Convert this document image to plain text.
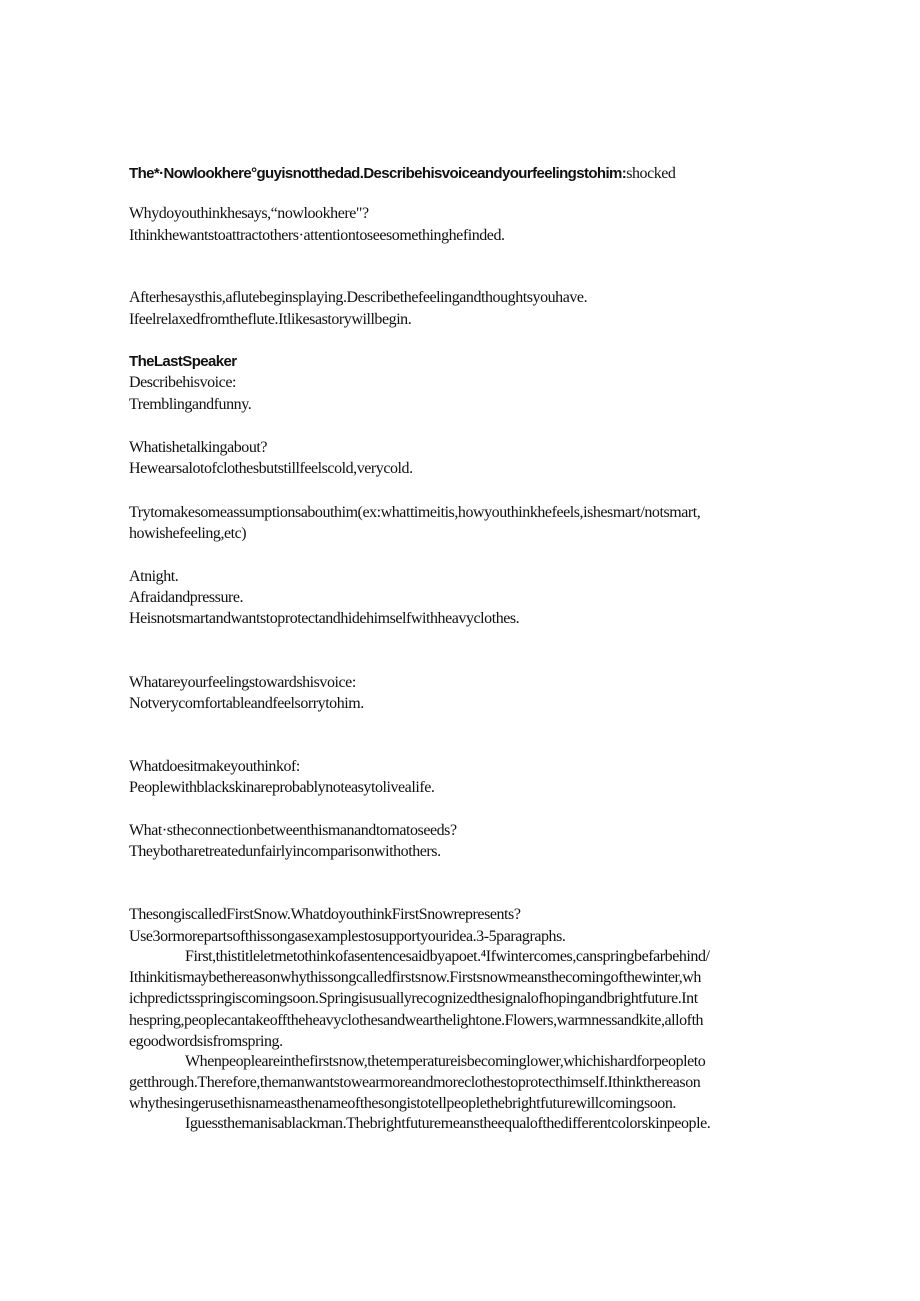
The*·Nowlookhere°guyisnotthedad.Describehisvoiceandyourfeelingstohim:shocked
Whydoyouthinkhesays,“nowlookhere"?
Ithinkhewantstoattractothers·attentiontoseesomethinghefinded.
Afterhesaysthis,aflutebeginsplaying.Describethefeelingandthoughtsyouhave.
Ifeelrelaxedfromtheflute.Itlikesastorywillbegin.
TheLastSpeaker
Describehisvoice:
Tremblingandfunny.
Whatishetalkingabout?
Hewearsalotofclothesbutstillfeelscold,verycold.
Trytomakesomeassumptionsabouthim(ex:whattimeitis,howyouthinkhefeels,ishesmart/notsmart,
howishefeeling,etc)
Atnight.
Afraidandpressure.
Heisnotsmartandwantstoprotectandhidehimselfwithheavyclothes.
Whatareyourfeelingstowardshisvoice:
Notverycomfortableandfeelsorrytohim.
Whatdoesitmakeyouthinkof:
Peoplewithblackskinareprobablynoteasytolivealife.
What·stheconnectionbetweenthismanandtomatoseeds?
Theybotharetreatedunfairlyincomparisonwithothers.
ThesongiscalledFirstSnow.WhatdoyouthinkFirstSnowrepresents?
Use3ormorepartsofthissongasexamplestosupportyouridea.3-5paragraphs.
First,thistitleletmetothinkofasentencesaidbyapoet.⁴Ifwintercomes,canspringbefarbehind/
Ithinkitismaybethereasonwhythissongcalledfirstsnow.Firstsnowmeansthecomingofthewinter,wh
ichpredictsspringiscomingsoon.Springisusuallyrecognizedthesignalofhopingandbrightfuture.Int
hespring,peoplecantakeofftheheavyclothesandwearthelightone.Flowers,warmnessandkite,allofth
egoodwordsisfromspring.
Whenpeopleareinthefirstsnow,thetemperatureisbecominglower,whichishardforpeopleto
getthrough.Therefore,themanwantstowearmoreandmoreclothestoprotecthimself.Ithinkthereason
whythesingerusethisnameasthenameofthesongistotellpeoplethebrightfuturewillcomingsoon.
Iguessthemanisablackman.Thebrightfuturemeanstheequalofthedifferentcolorskinpeople.
